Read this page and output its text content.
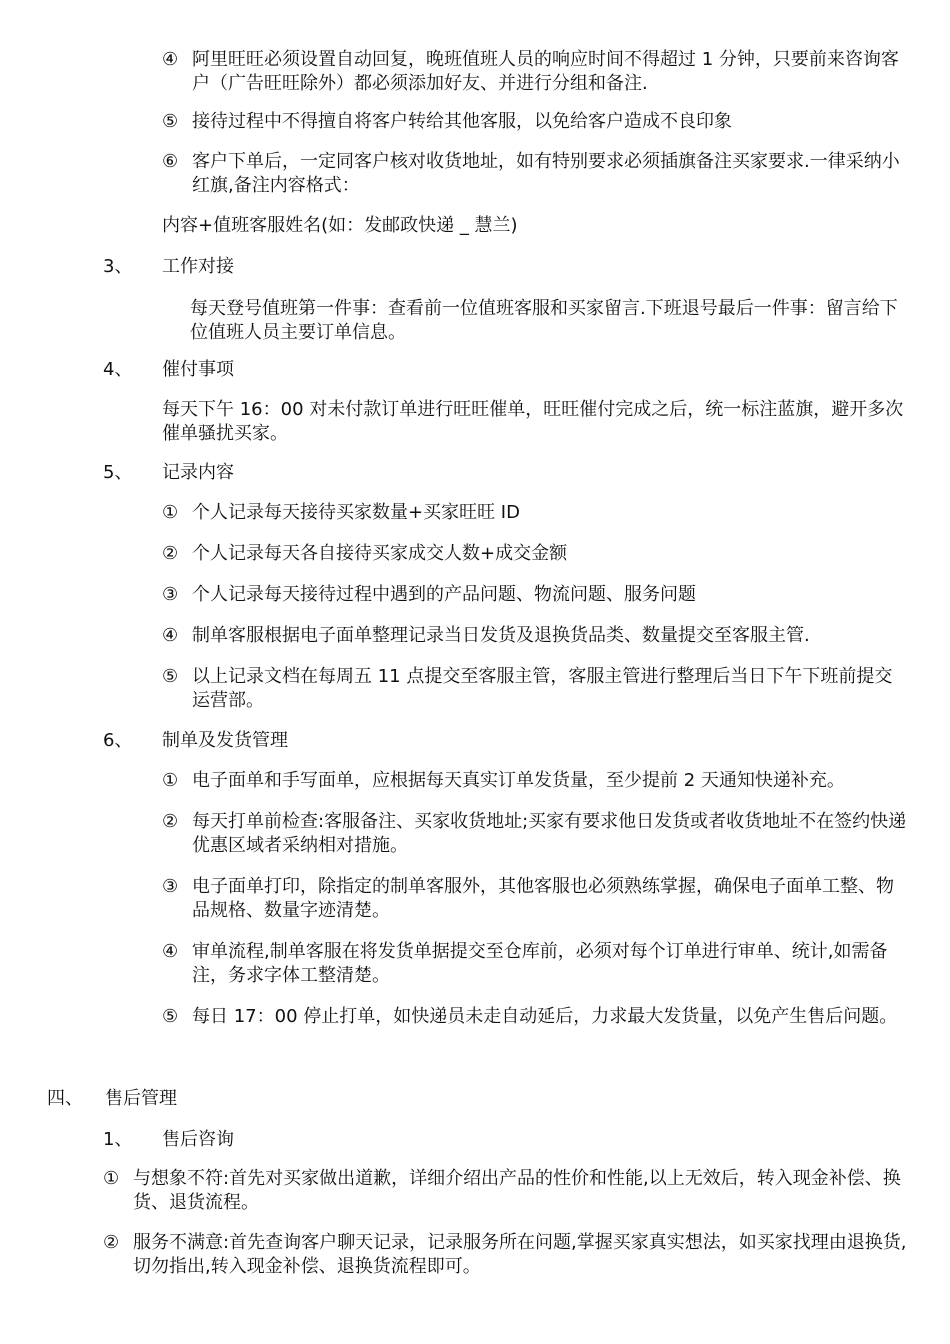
④ 阿里旺旺必须设置自动回复，晚班值班人员的响应时间不得超过 1 分钟，只要前来咨询客户（广告旺旺除外）都必须添加好友、并进行分组和备注.
⑤ 接待过程中不得擅自将客户转给其他客服，以免给客户造成不良印象
⑥ 客户下单后，一定同客户核对收货地址，如有特别要求必须插旗备注买家要求.一律采纳小红旗,备注内容格式：
内容+值班客服姓名(如：发邮政快递 _ 慧兰)
3、	工作对接
每天登号值班第一件事：查看前一位值班客服和买家留言.下班退号最后一件事：留言给下位值班人员主要订单信息。
4、	催付事项
每天下午 16：00 对未付款订单进行旺旺催单，旺旺催付完成之后，统一标注蓝旗，避开多次催单骚扰买家。
5、	记录内容
① 个人记录每天接待买家数量+买家旺旺 ID
② 个人记录每天各自接待买家成交人数+成交金额
③ 个人记录每天接待过程中遇到的产品问题、物流问题、服务问题
④ 制单客服根据电子面单整理记录当日发货及退换货品类、数量提交至客服主管.
⑤ 以上记录文档在每周五 11 点提交至客服主管，客服主管进行整理后当日下午下班前提交运营部。
6、	制单及发货管理
① 电子面单和手写面单，应根据每天真实订单发货量，至少提前 2 天通知快递补充。
② 每天打单前检查:客服备注、买家收货地址;买家有要求他日发货或者收货地址不在签约快递优惠区域者采纳相对措施。
③ 电子面单打印，除指定的制单客服外，其他客服也必须熟练掌握，确保电子面单工整、物品规格、数量字迹清楚。
④ 审单流程,制单客服在将发货单据提交至仓库前，必须对每个订单进行审单、统计,如需备注，务求字体工整清楚。
⑤ 每日 17：00 停止打单，如快递员未走自动延后，力求最大发货量，以免产生售后问题。
四、	售后管理
1、	售后咨询
① 与想象不符:首先对买家做出道歉，详细介绍出产品的性价和性能,以上无效后，转入现金补偿、换货、退货流程。
② 服务不满意:首先查询客户聊天记录，记录服务所在问题,掌握买家真实想法，如买家找理由退换货,切勿指出,转入现金补偿、退换货流程即可。
